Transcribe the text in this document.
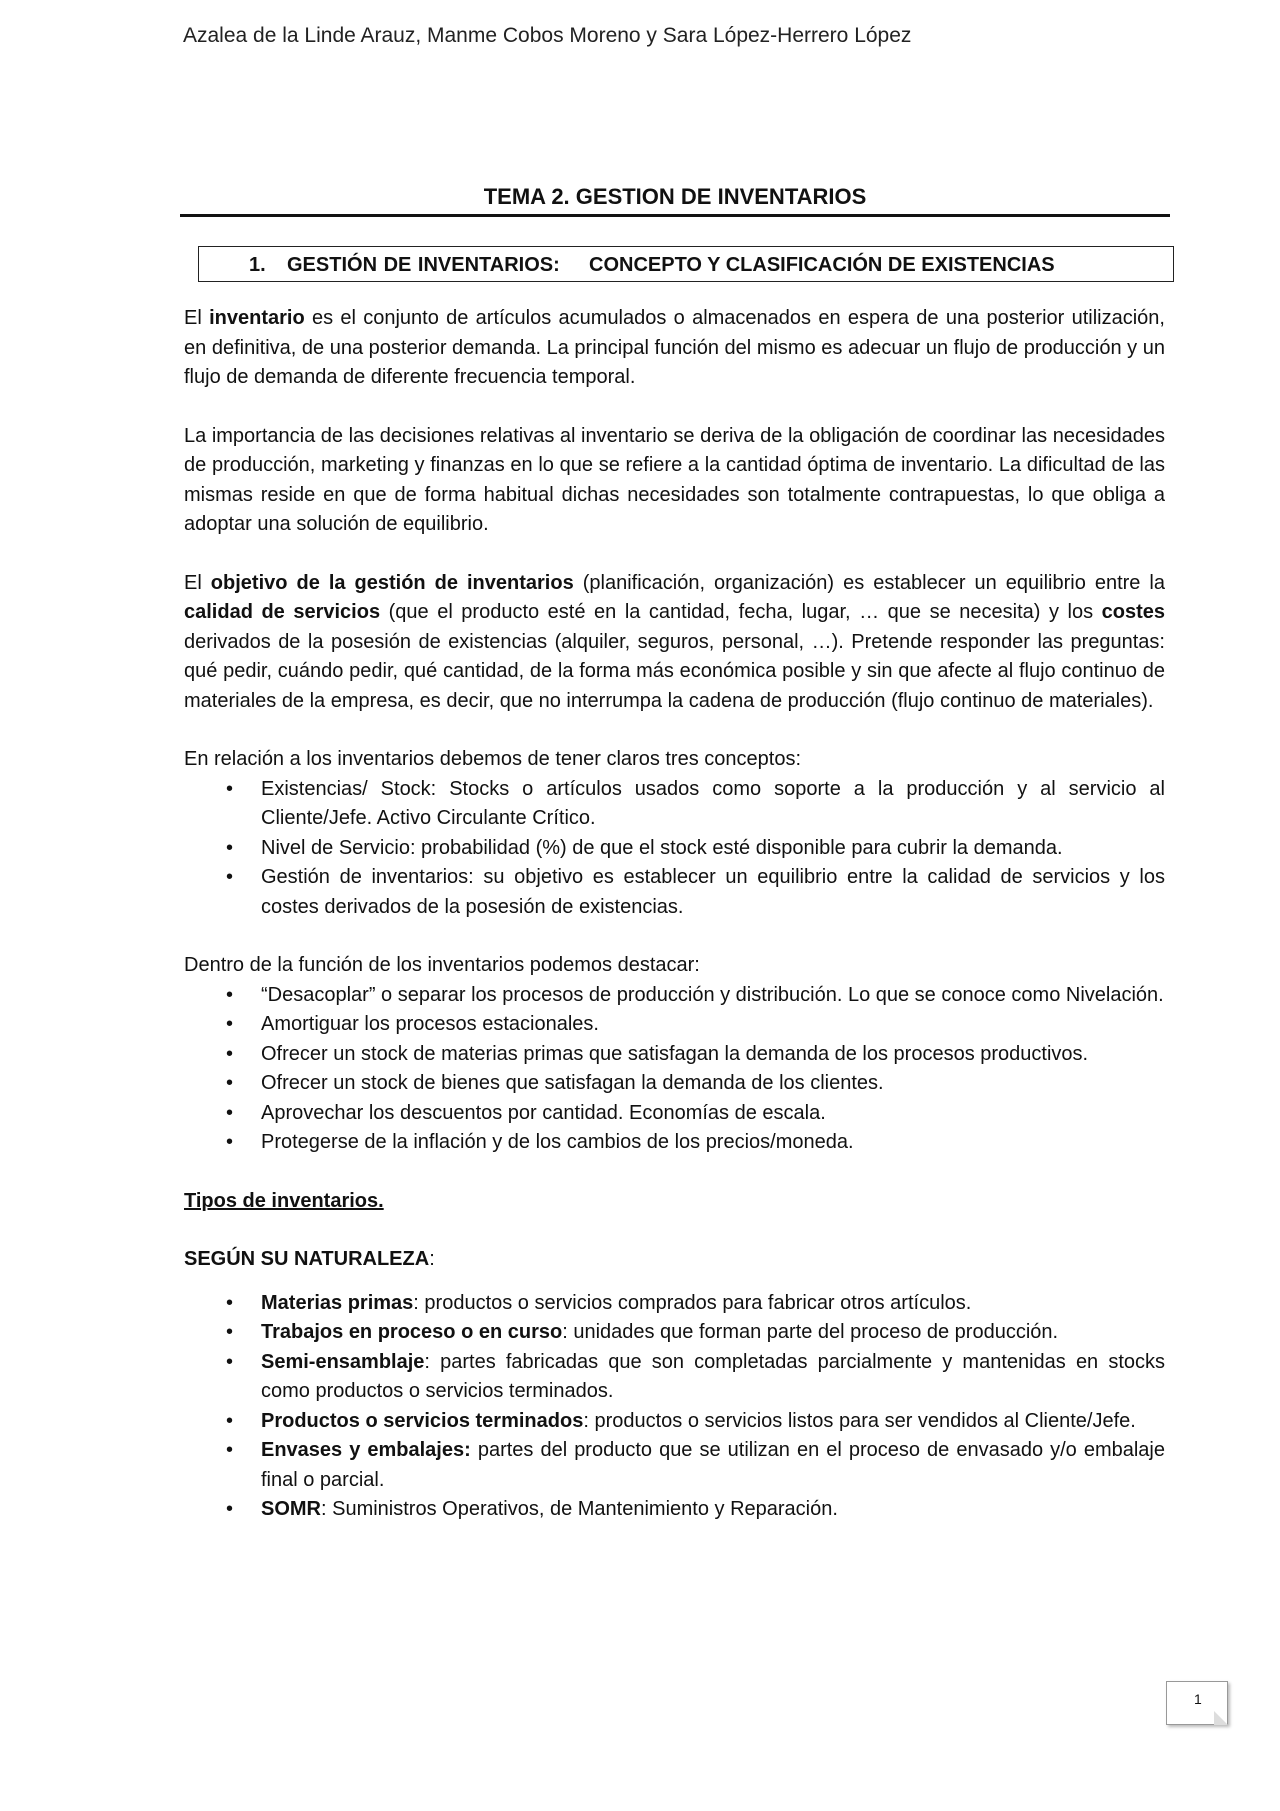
Azalea de la Linde Arauz, Manme Cobos Moreno y Sara López-Herrero López
TEMA 2. GESTION DE INVENTARIOS
1. GESTIÓN DE INVENTARIOS: CONCEPTO Y CLASIFICACIÓN DE EXISTENCIAS

El inventario es el conjunto de artículos acumulados o almacenados en espera de una posterior utilización, en definitiva, de una posterior demanda. La principal función del mismo es adecuar un flujo de producción y un flujo de demanda de diferente frecuencia temporal.

La importancia de las decisiones relativas al inventario se deriva de la obligación de coordinar las necesidades de producción, marketing y finanzas en lo que se refiere a la cantidad óptima de inventario. La dificultad de las mismas reside en que de forma habitual dichas necesidades son totalmente contrapuestas, lo que obliga a adoptar una solución de equilibrio.

El objetivo de la gestión de inventarios (planificación, organización) es establecer un equilibrio entre la calidad de servicios (que el producto esté en la cantidad, fecha, lugar, … que se necesita) y los costes derivados de la posesión de existencias (alquiler, seguros, personal, …). Pretende responder las preguntas: qué pedir, cuándo pedir, qué cantidad, de la forma más económica posible y sin que afecte al flujo continuo de materiales de la empresa, es decir, que no interrumpa la cadena de producción (flujo continuo de materiales).

En relación a los inventarios debemos de tener claros tres conceptos:
• Existencias/ Stock: Stocks o artículos usados como soporte a la producción y al servicio al Cliente/Jefe. Activo Circulante Crítico.
• Nivel de Servicio: probabilidad (%) de que el stock esté disponible para cubrir la demanda.
• Gestión de inventarios: su objetivo es establecer un equilibrio entre la calidad de servicios y los costes derivados de la posesión de existencias.
Dentro de la función de los inventarios podemos destacar:
• “Desacoplar” o separar los procesos de producción y distribución. Lo que se conoce como Nivelación.
• Amortiguar los procesos estacionales.
• Ofrecer un stock de materias primas que satisfagan la demanda de los procesos productivos.
• Ofrecer un stock de bienes que satisfagan la demanda de los clientes.
• Aprovechar los descuentos por cantidad. Economías de escala.
• Protegerse de la inflación y de los cambios de los precios/moneda.

Tipos de inventarios.

SEGÚN SU NATURALEZA:
• Materias primas: productos o servicios comprados para fabricar otros artículos.
• Trabajos en proceso o en curso: unidades que forman parte del proceso de producción.
• Semi-ensamblaje: partes fabricadas que son completadas parcialmente y mantenidas en stocks como productos o servicios terminados.
• Productos o servicios terminados: productos o servicios listos para ser vendidos al Cliente/Jefe.
• Envases y embalajes: partes del producto que se utilizan en el proceso de envasado y/o embalaje final o parcial.
• SOMR: Suministros Operativos, de Mantenimiento y Reparación.
1
